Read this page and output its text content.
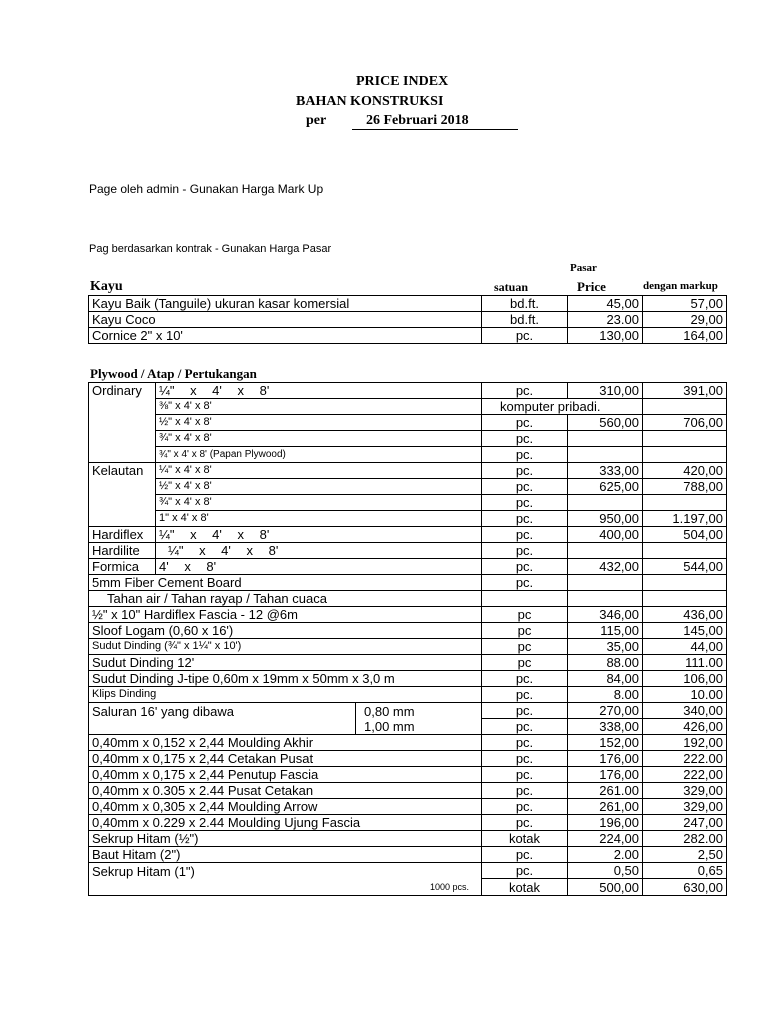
PRICE INDEX
BAHAN KONSTRUKSI
per	26 Februari 2018
Page oleh admin - Gunakan Harga Mark Up
Pag berdasarkan kontrak - Gunakan Harga Pasar
Pasar
Kayu	satuan	Price	dengan markup
Kayu Baik (Tanguile) ukuran kasar komersial	bd.ft.	45,00	57,00
Kayu Coco	bd.ft.	23.00	29,00
Cornice 2" x 10'	pc.	130,00	164,00
Plywood / Atap / Pertukangan
Ordinary	¼" x 4' x 8'		pc.	310,00	391,00
	⅜" x 4' x 8'		komputer pribadi.		
	½" x 4' x 8'		pc.	560,00	706,00
	¾" x 4' x 8'		pc.		
	¾" x 4' x 8' (Papan Plywood)		pc.		
Kelautan	¼" x 4' x 8'		pc.	333,00	420,00
	½" x 4' x 8'		pc.	625,00	788,00
	¾" x 4' x 8'		pc.		
	1" x 4' x 8'		pc.	950,00	1.197,00
Hardiflex	¼" x 4' x 8'		pc.	400,00	504,00
Hardilite	¼" x 4' x 8'		pc.		
Formica	4' x 8'		pc.	432,00	544,00
5mm Fiber Cement Board			pc.		
Tahan air / Tahan rayap / Tahan cuaca					
½" x 10" Hardiflex Fascia - 12 @6m			pc	346,00	436,00
Sloof Logam (0,60 x 16')			pc	115,00	145,00
Sudut Dinding (¾" x 1¼" x 10')			pc	35,00	44,00
Sudut Dinding 12'			pc	88.00	111.00
Sudut Dinding J-tipe 0,60m x 19mm x 50mm x 3,0 m			pc.	84,00	106,00
Klips Dinding			pc.	8.00	10.00
Saluran 16' yang dibawa		0,80 mm	pc.	270,00	340,00
		1,00 mm	pc.	338,00	426,00
0,40mm x 0,152 x 2,44 Moulding Akhir			pc.	152,00	192,00
0,40mm x 0,175 x 2,44 Cetakan Pusat			pc.	176,00	222.00
0,40mm x 0,175 x 2,44 Penutup Fascia			pc.	176,00	222,00
0,40mm x 0.305 x 2.44 Pusat Cetakan			pc.	261.00	329,00
0,40mm x 0,305 x 2,44 Moulding Arrow			pc.	261,00	329,00
0,40mm x 0.229 x 2.44 Moulding Ujung Fascia			pc.	196,00	247,00
Sekrup Hitam (½")			kotak	224,00	282.00
Baut Hitam (2")			pc.	2.00	2,50
Sekrup Hitam (1")			pc.	0,50	0,65
1000 pcs.			kotak	500,00	630,00
